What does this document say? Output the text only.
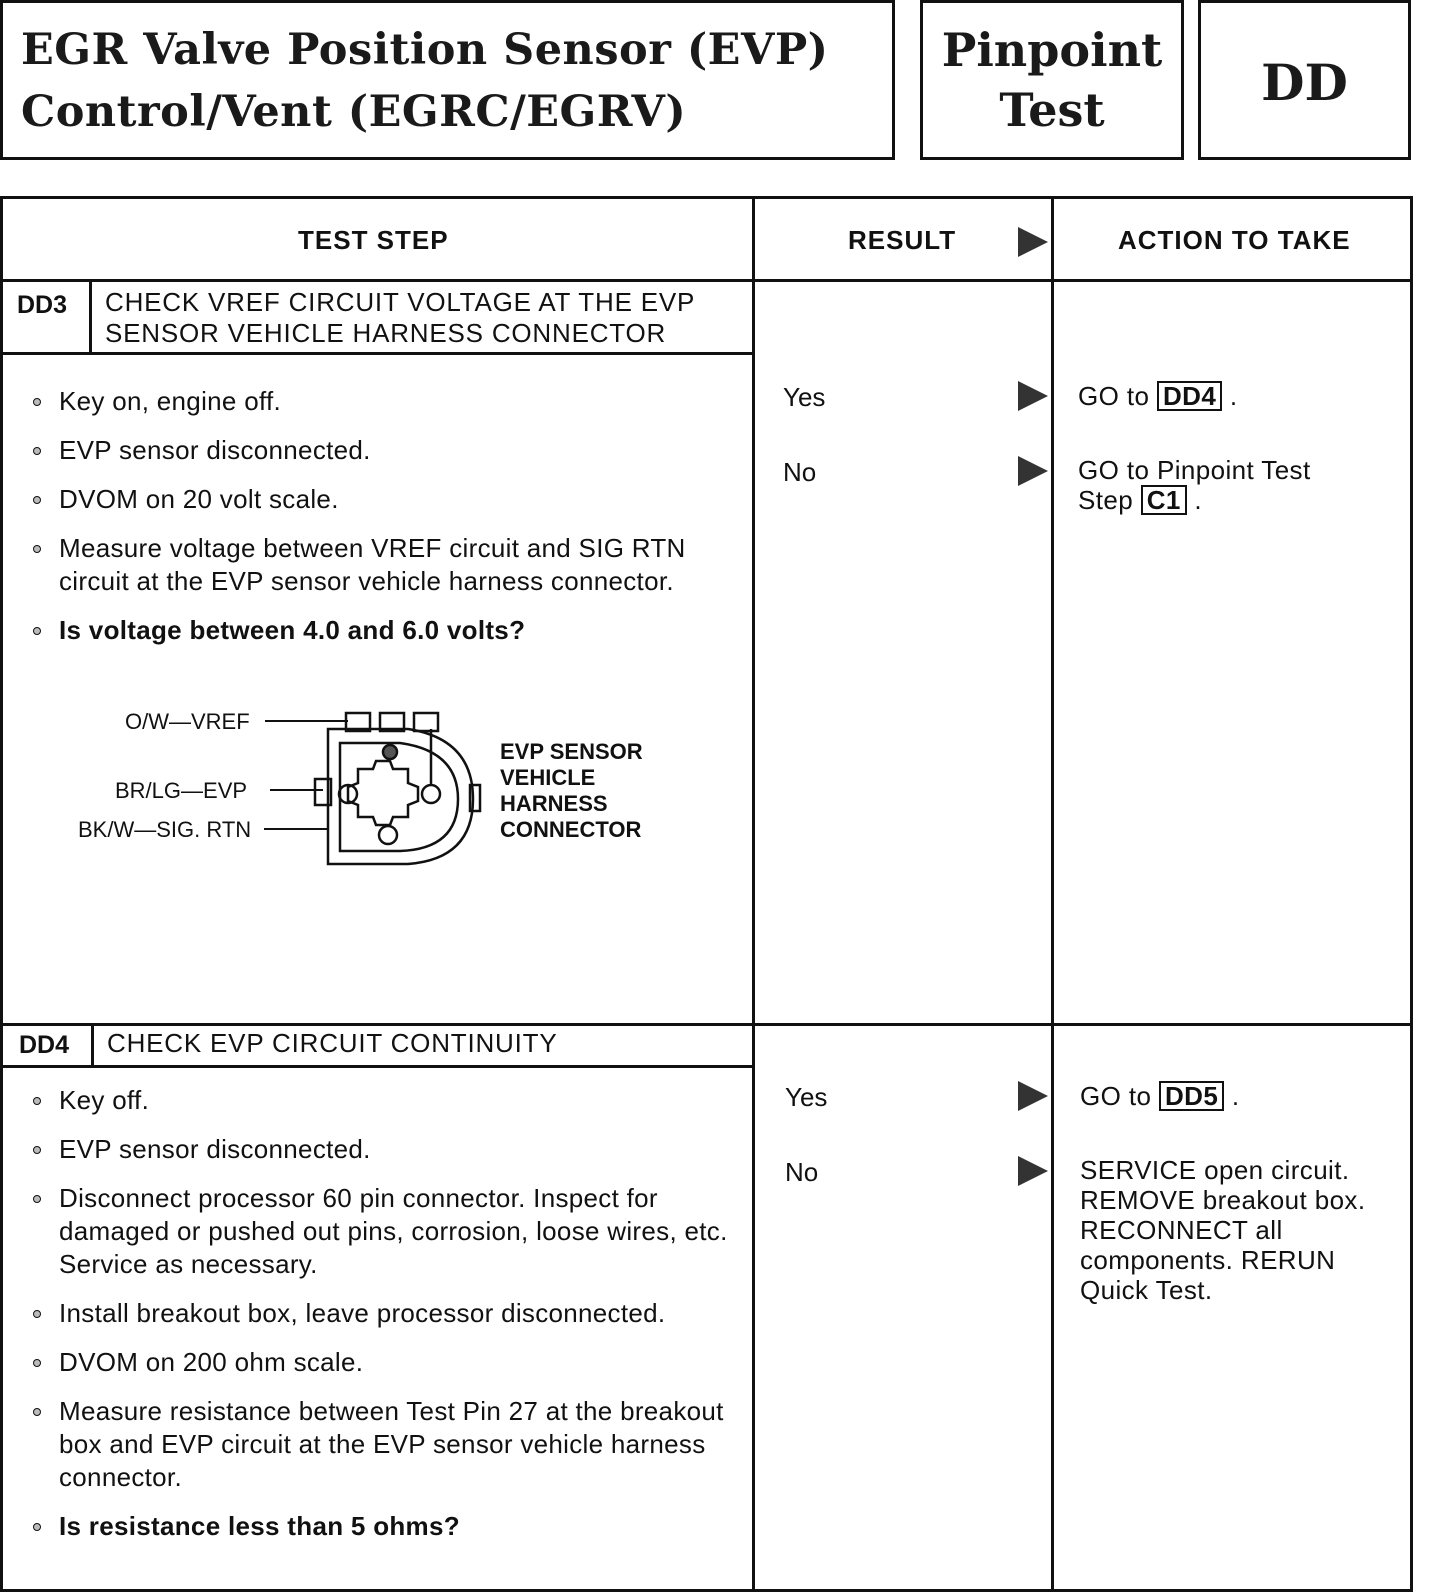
EGR Valve Position Sensor (EVP)
Control/Vent (EGRC/EGRV)
Pinpoint
Test	DD
TEST STEP	RESULT	ACTION TO TAKE
DD3 CHECK VREF CIRCUIT VOLTAGE AT THE EVP
SENSOR VEHICLE HARNESS CONNECTOR
Key on, engine off.
EVP sensor disconnected.
DVOM on 20 volt scale.
Measure voltage between VREF circuit and SIG RTN circuit at the EVP sensor vehicle harness connector.
Is voltage between 4.0 and 6.0 volts?
O/W—VREF
BR/LG—EVP
BK/W—SIG. RTN
EVP SENSOR
VEHICLE
HARNESS
CONNECTOR
Yes	GO to DD4 .
No	GO to Pinpoint Test Step C1 .
DD4 CHECK EVP CIRCUIT CONTINUITY
Key off.
EVP sensor disconnected.
Disconnect processor 60 pin connector. Inspect for damaged or pushed out pins, corrosion, loose wires, etc. Service as necessary.
Install breakout box, leave processor disconnected.
DVOM on 200 ohm scale.
Measure resistance between Test Pin 27 at the breakout box and EVP circuit at the EVP sensor vehicle harness connector.
Is resistance less than 5 ohms?
Yes	GO to DD5 .
No	SERVICE open circuit. REMOVE breakout box. RECONNECT all components. RERUN Quick Test.
